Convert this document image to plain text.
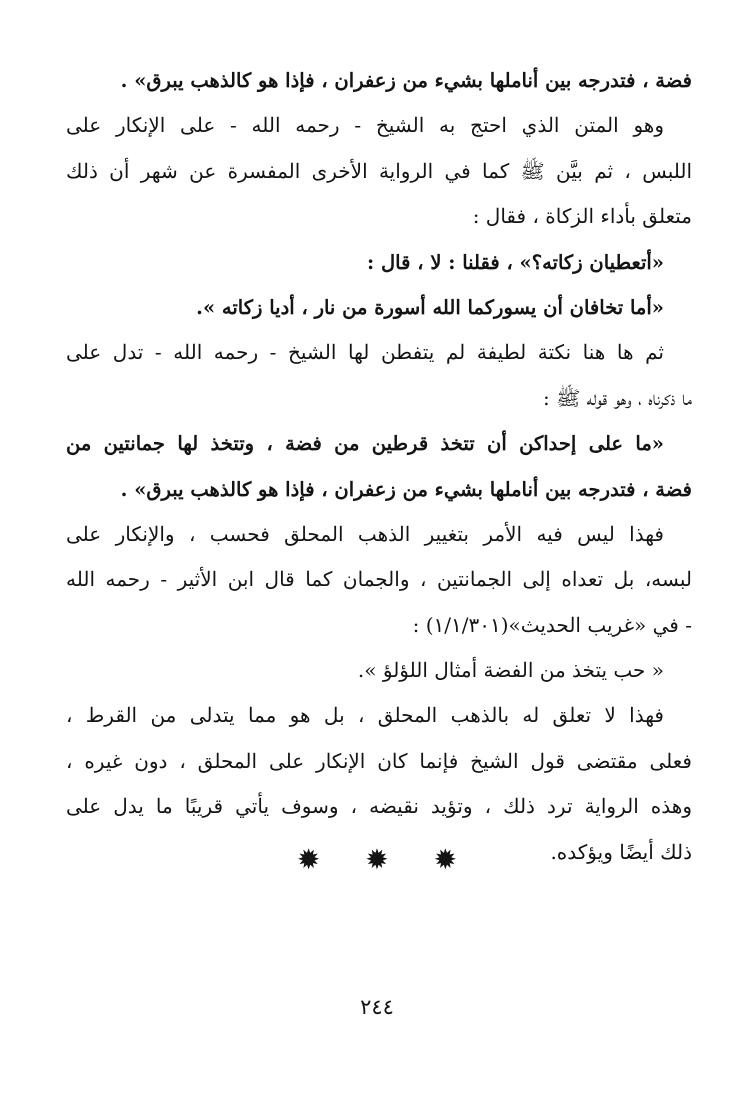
فضة ، فتدرجه بين أناملها بشيء من زعفران ، فإذا هو كالذهب يبرق» .
وهو المتن الذي احتج به الشيخ - رحمه الله - على الإنكار على
اللبس ، ثم بيَّن ﷺ كما في الرواية الأخرى المفسرة عن شهر أن ذلك
متعلق بأداء الزكاة ، فقال :
«أتعطيان زكاته؟» ، فقلنا : لا ، قال :
«أما تخافان أن يسوركما الله أسورة من نار ، أديا زكاته ».
ثم ها هنا نكتة لطيفة لم يتفطن لها الشيخ - رحمه الله - تدل على
ما ذكرناه ، وهو قوله ﷺ :
«ما على إحداكن أن تتخذ قرطين من فضة ، وتتخذ لها جمانتين من
فضة ، فتدرجه بين أناملها بشيء من زعفران ، فإذا هو كالذهب يبرق» .
فهذا ليس فيه الأمر بتغيير الذهب المحلق فحسب ، والإنكار على
لبسه، بل تعداه إلى الجمانتين ، والجمان كما قال ابن الأثير - رحمه الله
- في «غريب الحديث»(١/١/٣٠١) :
« حب يتخذ من الفضة أمثال اللؤلؤ ».
فهذا لا تعلق له بالذهب المحلق ، بل هو مما يتدلى من القرط ،
فعلى مقتضى قول الشيخ فإنما كان الإنكار على المحلق ، دون غيره ،
وهذه الرواية ترد ذلك ، وتؤيد نقيضه ، وسوف يأتي قريبًا ما يدل على
ذلك أيضًا ويؤكده.
✹ ✹ ✹
٢٤٤
